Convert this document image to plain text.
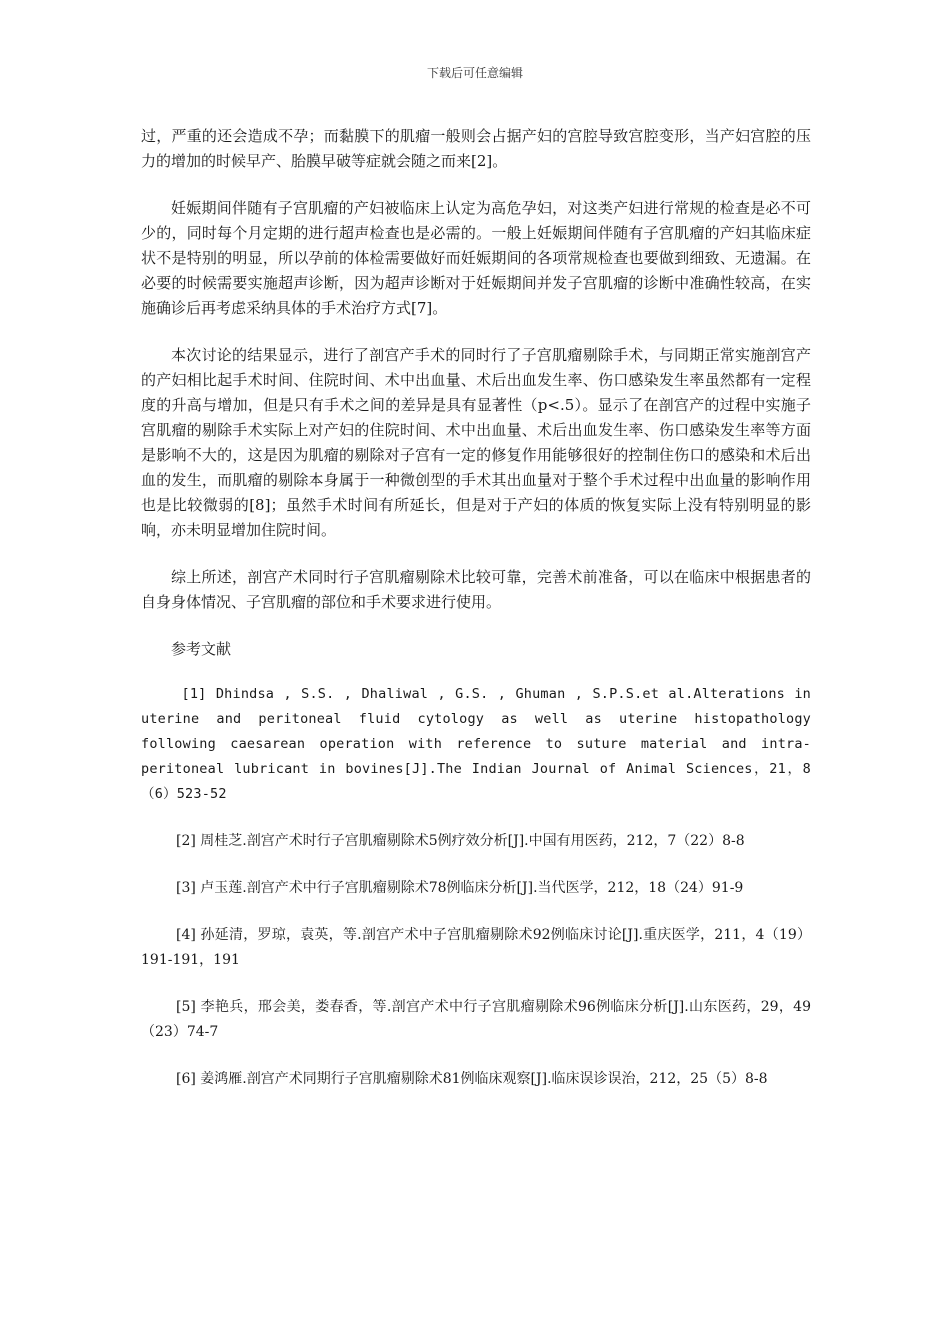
下载后可任意编辑

过，严重的还会造成不孕；而黏膜下的肌瘤一般则会占据产妇的宫腔导致宫腔变形，当产妇宫腔的压力的增加的时候早产、胎膜早破等症就会随之而来[2]。

妊娠期间伴随有子宫肌瘤的产妇被临床上认定为高危孕妇，对这类产妇进行常规的检查是必不可少的，同时每个月定期的进行超声检查也是必需的。一般上妊娠期间伴随有子宫肌瘤的产妇其临床症状不是特别的明显，所以孕前的体检需要做好而妊娠期间的各项常规检查也要做到细致、无遗漏。在必要的时候需要实施超声诊断，因为超声诊断对于妊娠期间并发子宫肌瘤的诊断中准确性较高，在实施确诊后再考虑采纳具体的手术治疗方式[7]。

本次讨论的结果显示，进行了剖宫产手术的同时行了子宫肌瘤剔除手术，与同期正常实施剖宫产的产妇相比起手术时间、住院时间、术中出血量、术后出血发生率、伤口感染发生率虽然都有一定程度的升高与增加，但是只有手术之间的差异是具有显著性（p<.5）。显示了在剖宫产的过程中实施子宫肌瘤的剔除手术实际上对产妇的住院时间、术中出血量、术后出血发生率、伤口感染发生率等方面是影响不大的，这是因为肌瘤的剔除对子宫有一定的修复作用能够很好的控制住伤口的感染和术后出血的发生，而肌瘤的剔除本身属于一种微创型的手术其出血量对于整个手术过程中出血量的影响作用也是比较微弱的[8]；虽然手术时间有所延长，但是对于产妇的体质的恢复实际上没有特别明显的影响，亦未明显增加住院时间。

综上所述，剖宫产术同时行子宫肌瘤剔除术比较可靠，完善术前准备，可以在临床中根据患者的自身身体情况、子宫肌瘤的部位和手术要求进行使用。

参考文献

[1] Dhindsa , S.S. , Dhaliwal , G.S. , Ghuman , S.P.S.et al.Alterations in uterine and peritoneal fluid cytology as well as uterine histopathology following caesarean operation with reference to suture material and intra-peritoneal lubricant in bovines[J].The Indian Journal of Animal Sciences，21，8（6）523-52

[2] 周桂芝.剖宫产术时行子宫肌瘤剔除术5例疗效分析[J].中国有用医药，212，7（22）8-8

[3] 卢玉莲.剖宫产术中行子宫肌瘤剔除术78例临床分析[J].当代医学，212，18（24）91-9

[4] 孙延清，罗琼，袁英，等.剖宫产术中子宫肌瘤剔除术92例临床讨论[J].重庆医学，211，4（19）191-191，191

[5] 李艳兵，邢会美，娄春香，等.剖宫产术中行子宫肌瘤剔除术96例临床分析[J].山东医药，29，49（23）74-7

[6] 姜鸿雁.剖宫产术同期行子宫肌瘤剔除术81例临床观察[J].临床误诊误治，212，25（5）8-8
